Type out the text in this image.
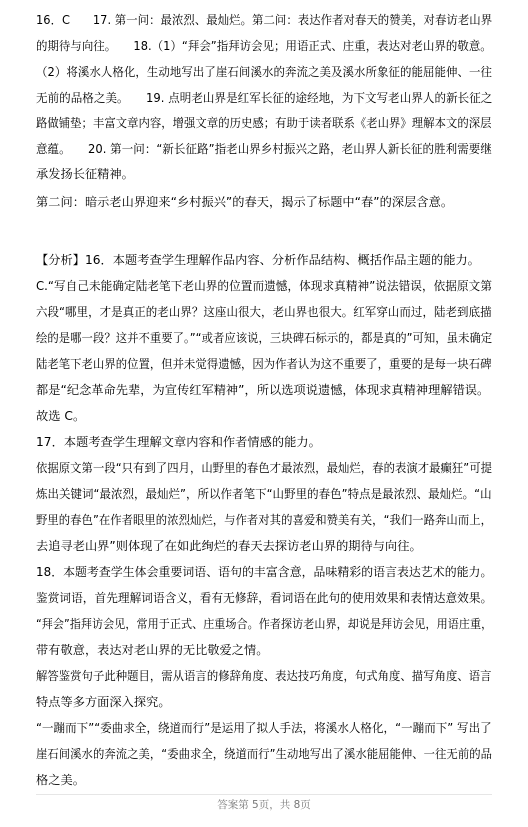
16．C　　17. 第一问：最浓烈、最灿烂。第二问：表达作者对春天的赞美，对春访老山界
的期待与向往。　　18.（1）“拜会”指拜访会见；用语正式、庄重，表达对老山界的敬意。
（2）将溪水人格化，生动地写出了崖石间溪水的奔流之美及溪水所象征的能屈能伸、一往
无前的品格之美。　　19. 点明老山界是红军长征的途经地，为下文写老山界人的新长征之
路做铺垫；丰富文章内容，增强文章的历史感；有助于读者联系《老山界》理解本文的深层
意蕴。　　20. 第一问：“新长征路”指老山界乡村振兴之路，老山界人新长征的胜利需要继
承发扬长征精神。
第二问：暗示老山界迎来“乡村振兴”的春天，揭示了标题中“春”的深层含意。
【分析】16．本题考查学生理解作品内容、分析作品结构、概括作品主题的能力。
C.“写自己未能确定陆老笔下老山界的位置而遗憾，体现求真精神”说法错误，依据原文第
六段“哪里，才是真正的老山界？这座山很大，老山界也很大。红军穿山而过，陆老到底描
绘的是哪一段？这并不重要了。”“或者应该说，三块碑石标示的，都是真的”可知，虽未确定
陆老笔下老山界的位置，但并未觉得遗憾，因为作者认为这不重要了，重要的是每一块石碑
都是“纪念革命先辈，为宣传红军精神”，所以选项说遗憾，体现求真精神理解错误。
故选 C。
17．本题考查学生理解文章内容和作者情感的能力。
依据原文第一段“只有到了四月，山野里的春色才最浓烈，最灿烂，春的表演才最癫狂”可提
炼出关键词“最浓烈，最灿烂”，所以作者笔下“山野里的春色”特点是最浓烈、最灿烂。“山
野里的春色”在作者眼里的浓烈灿烂，与作者对其的喜爱和赞美有关，“我们一路奔山而上，
去追寻老山界”则体现了在如此绚烂的春天去探访老山界的期待与向往。
18．本题考查学生体会重要词语、语句的丰富含意，品味精彩的语言表达艺术的能力。
鉴赏词语，首先理解词语含义，看有无修辞，看词语在此句的使用效果和表情达意效果。
“拜会”指拜访会见，常用于正式、庄重场合。作者探访老山界，却说是拜访会见，用语庄重，
带有敬意，表达对老山界的无比敬爱之情。
解答鉴赏句子此种题目，需从语言的修辞角度、表达技巧角度，句式角度、描写角度、语言
特点等多方面深入探究。
“一蹦而下”“委曲求全，绕道而行”是运用了拟人手法，将溪水人格化，“一蹦而下” 写出了
崖石间溪水的奔流之美，“委曲求全，绕道而行”生动地写出了溪水能屈能伸、一往无前的品
格之美。
答案第 5页，共 8页
